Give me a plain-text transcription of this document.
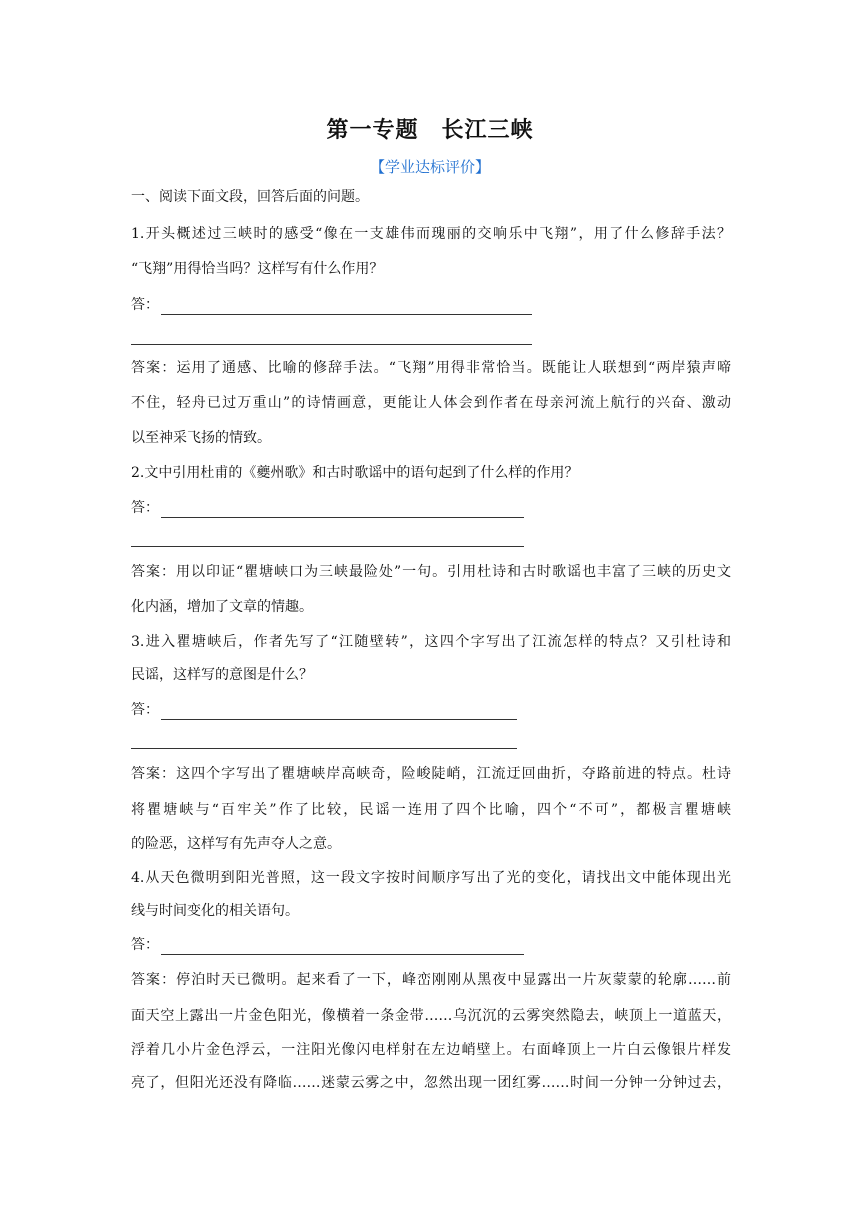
第一专题　长江三峡
【学业达标评价】
一、阅读下面文段，回答后面的问题。
1.开头概述过三峡时的感受“像在一支雄伟而瑰丽的交响乐中飞翔”，用了什么修辞手法？
“飞翔”用得恰当吗？这样写有什么作用？
答：
答案：运用了通感、比喻的修辞手法。“飞翔”用得非常恰当。既能让人联想到“两岸猿声啼
不住，轻舟已过万重山”的诗情画意，更能让人体会到作者在母亲河流上航行的兴奋、激动
以至神采飞扬的情致。
2.文中引用杜甫的《夔州歌》和古时歌谣中的语句起到了什么样的作用？
答：
答案：用以印证“瞿塘峡口为三峡最险处”一句。引用杜诗和古时歌谣也丰富了三峡的历史文
化内涵，增加了文章的情趣。
3.进入瞿塘峡后，作者先写了“江随壁转”，这四个字写出了江流怎样的特点？又引杜诗和
民谣，这样写的意图是什么？
答：
答案：这四个字写出了瞿塘峡岸高峡奇，险峻陡峭，江流迂回曲折，夺路前进的特点。杜诗
将瞿塘峡与“百牢关”作了比较，民谣一连用了四个比喻，四个“不可”，都极言瞿塘峡
的险恶，这样写有先声夺人之意。
4.从天色微明到阳光普照，这一段文字按时间顺序写出了光的变化，请找出文中能体现出光
线与时间变化的相关语句。
答：
答案：停泊时天已微明。起来看了一下，峰峦刚刚从黑夜中显露出一片灰蒙蒙的轮廓……前
面天空上露出一片金色阳光，像横着一条金带……乌沉沉的云雾突然隐去，峡顶上一道蓝天，
浮着几小片金色浮云，一注阳光像闪电样射在左边峭壁上。右面峰顶上一片白云像银片样发
亮了，但阳光还没有降临……迷蒙云雾之中，忽然出现一团红雾……时间一分钟一分钟过去，
